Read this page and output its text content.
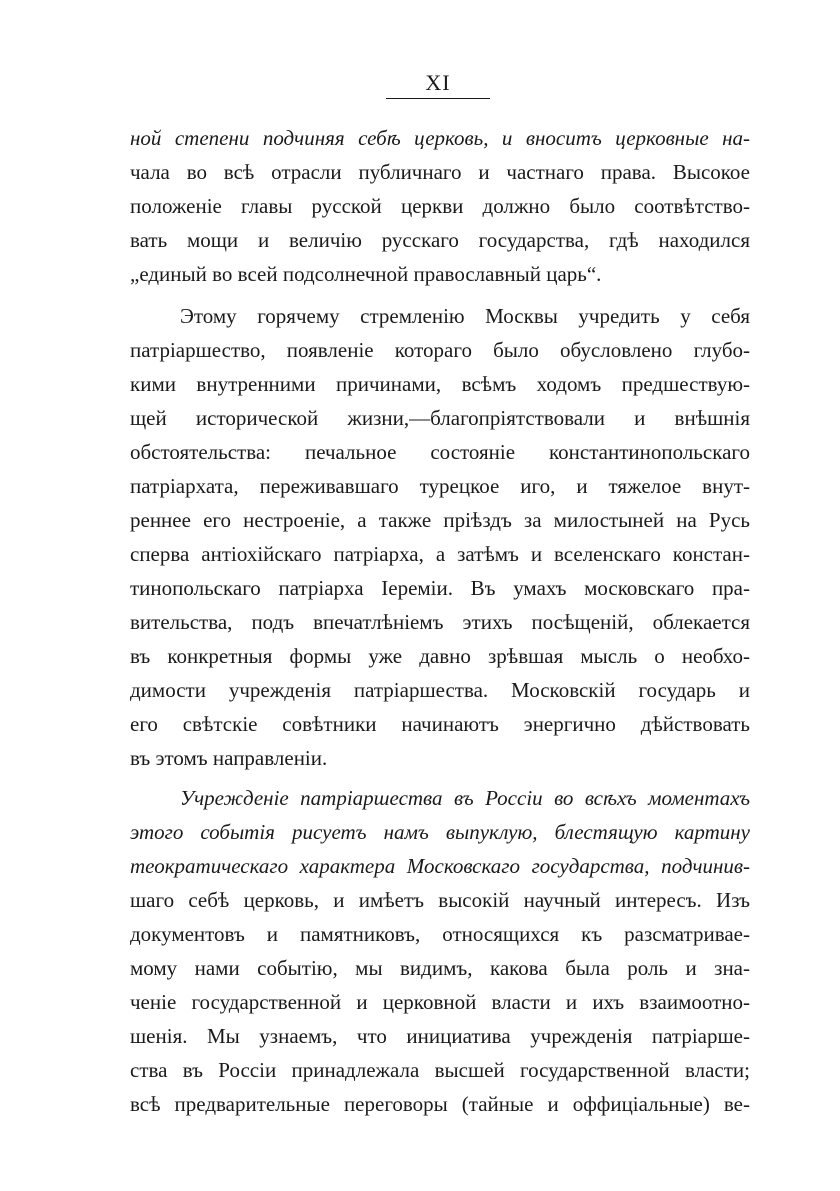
XI
ной степени подчиняя себѣ церковь, и вноситъ церковные на-
чала во всѣ отрасли публичнаго и частнаго права. Высокое
положенiе главы русской церкви должно было соотвѣтство-
вать мощи и величiю русскаго государства, гдѣ находился
„единый во всей подсолнечной православный царь“.
Этому горячему стремленiю Москвы учредить у себя
патрiаршество, появленiе котораго было обусловлено глубо-
кими внутренними причинами, всѣмъ ходомъ предшествую-
щей исторической жизни,—благопрiятствовали и внѣшнiя
обстоятельства: печальное состоянiе константинопольскаго
патрiархата, переживавшаго турецкое иго, и тяжелое внут-
реннее его нестроенiе, а также прiѣздъ за милостыней на Русь
сперва антiохiйскаго патрiарха, а затѣмъ и вселенскаго констан-
тинопольскаго патрiарха Iеремiи. Въ умахъ московскаго пра-
вительства, подъ впечатлѣнiемъ этихъ посѣщенiй, облекается
въ конкретныя формы уже давно зрѣвшая мысль о необхо-
димости учрежденiя патрiаршества. Московскiй государь и
его свѣтскiе совѣтники начинаютъ энергично дѣйствовать
въ этомъ направленiи.
Учрежденiе патрiаршества въ Россiи во всѣхъ моментахъ
этого событiя рисуетъ намъ выпуклую, блестящую картину
теократическаго характера Московскаго государства, подчинив-
шаго себѣ церковь, и имѣетъ высокiй научный интересъ. Изъ
документовъ и памятниковъ, относящихся къ разсматривае-
мому нами событiю, мы видимъ, какова была роль и зна-
ченiе государственной и церковной власти и ихъ взаимоотно-
шенiя. Мы узнаемъ, что инициатива учрежденiя патрiарше-
ства въ Россiи принадлежала высшей государственной власти;
всѣ предварительные переговоры (тайные и оффицiальные) ве-
